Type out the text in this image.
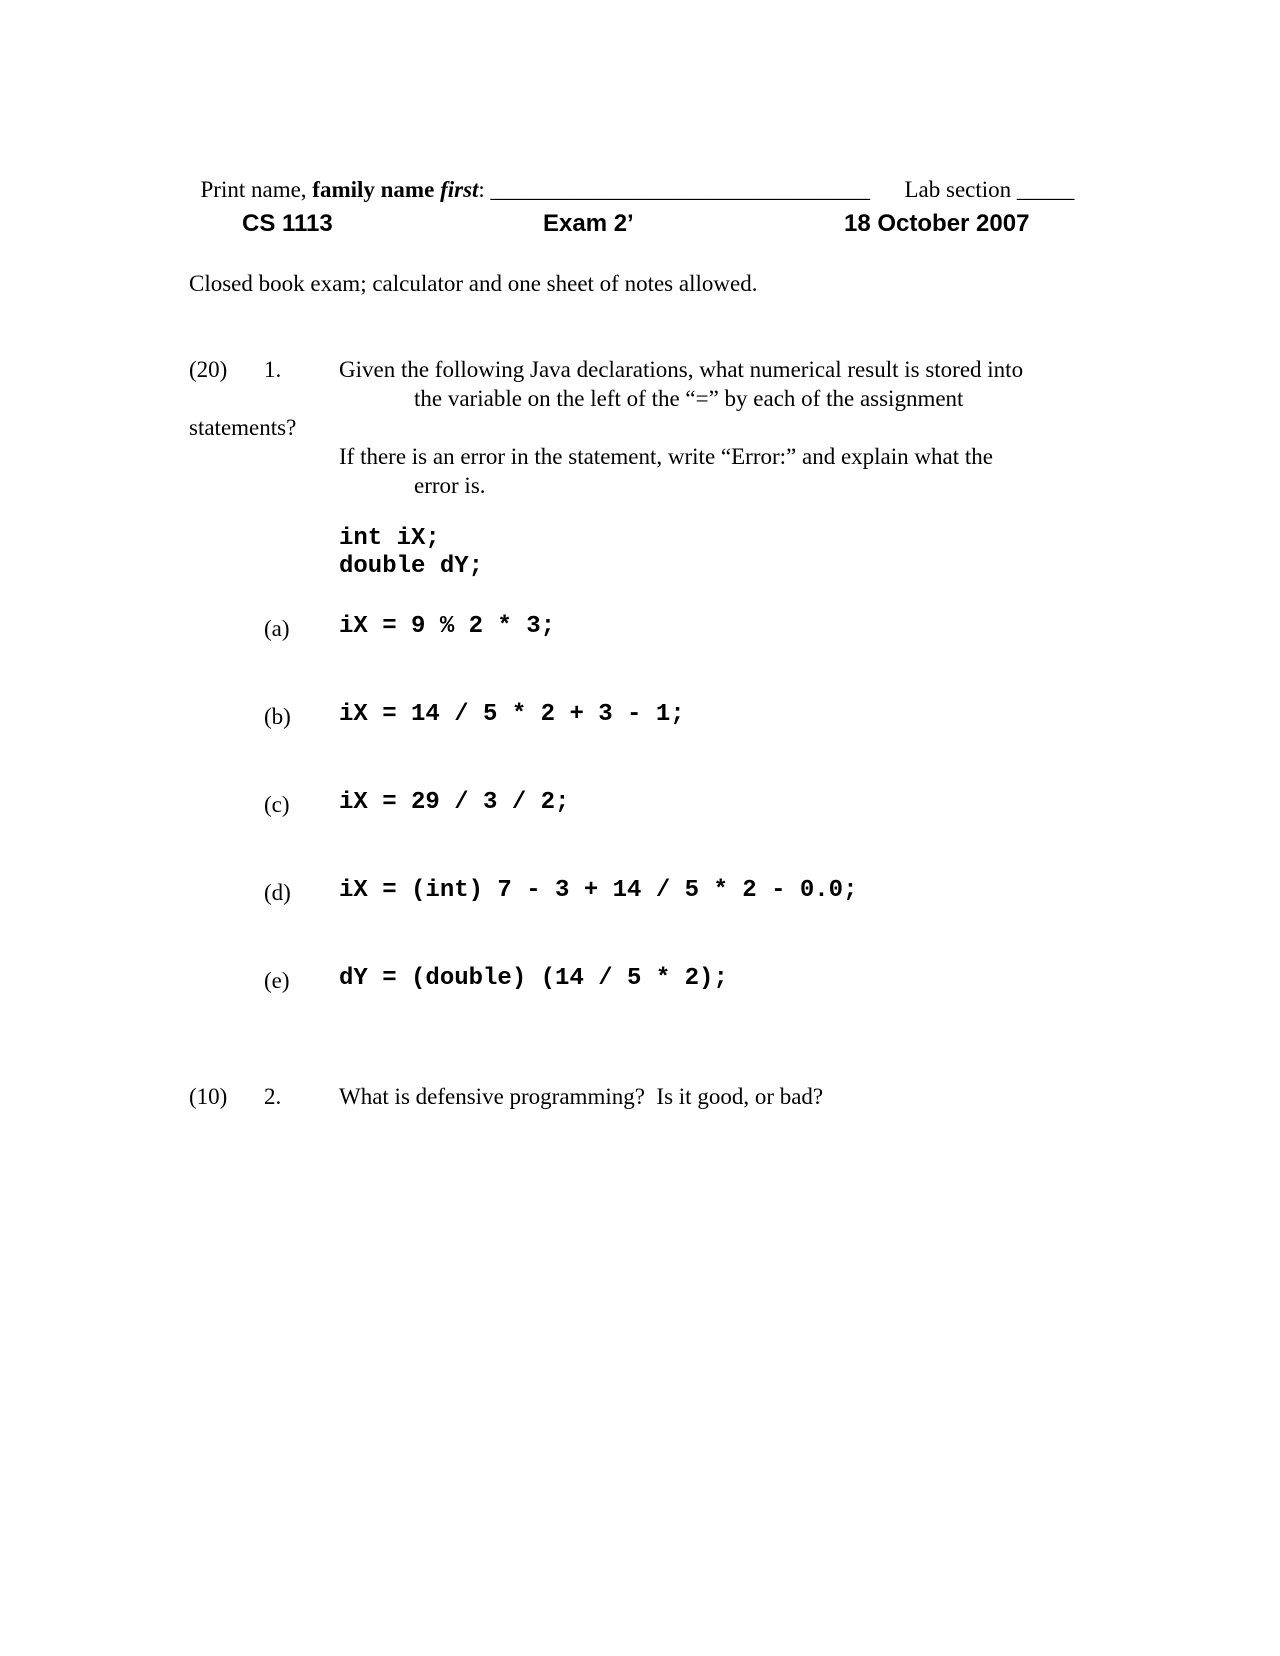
Print name, family name first: _________________________________	Lab section _____

CS 1113	Exam 2’	18 October 2007
Closed book exam; calculator and one sheet of notes allowed.
(20) 1.	Given the following Java declarations, what numerical result is stored into
the variable on the left of the “=” by each of the assignment
statements?
If there is an error in the statement, write “Error:” and explain what the
error is.
int iX;
double dY;
(a) iX = 9 % 2 * 3;
(b) iX = 14 / 5 * 2 + 3 - 1;
(c) iX = 29 / 3 / 2;
(d) iX = (int) 7 - 3 + 14 / 5 * 2 - 0.0;
(e) dY = (double) (14 / 5 * 2);
(10) 2.	What is defensive programming?  Is it good, or bad?
